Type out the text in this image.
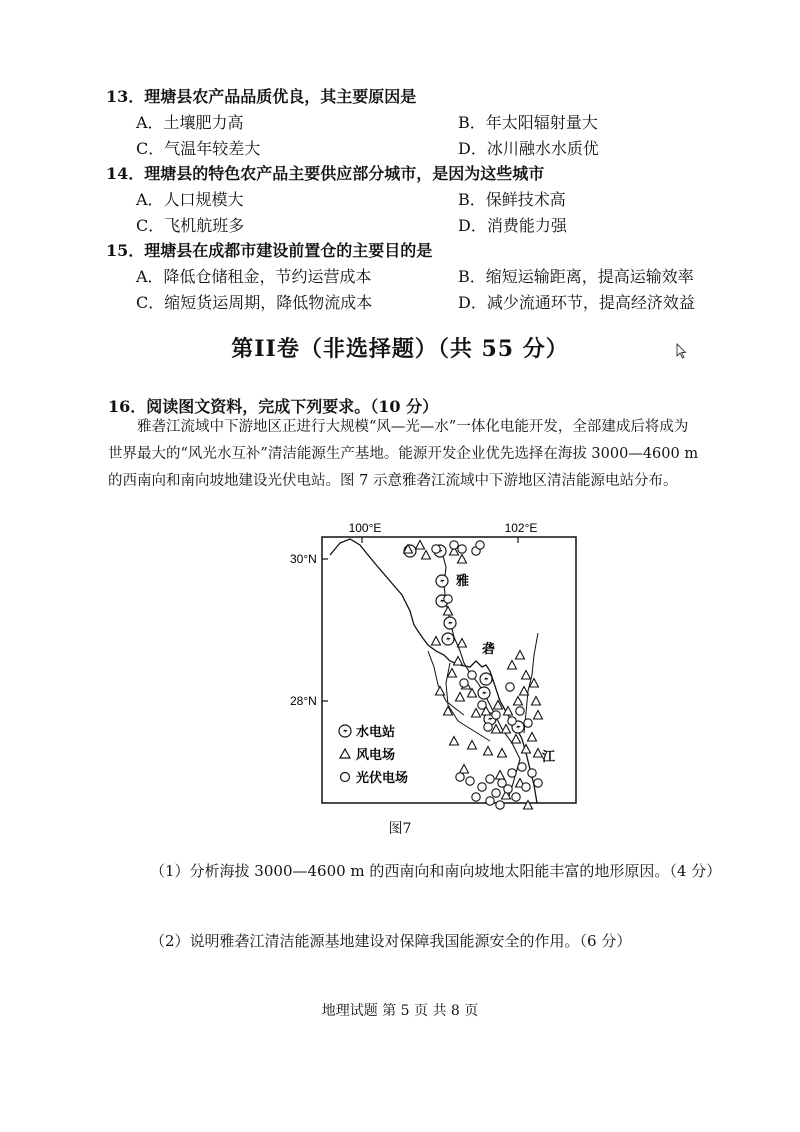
13．理塘县农产品品质优良，其主要原因是
A．土壤肥力高	B．年太阳辐射量大
C．气温年较差大	D．冰川融水水质优
14．理塘县的特色农产品主要供应部分城市，是因为这些城市
A．人口规模大	B．保鲜技术高
C．飞机航班多	D．消费能力强
15．理塘县在成都市建设前置仓的主要目的是
A．降低仓储租金，节约运营成本	B．缩短运输距离，提高运输效率
C．缩短货运周期，降低物流成本	D．减少流通环节，提高经济效益
第II卷（非选择题）（共 55 分）
16．阅读图文资料，完成下列要求。（10 分）
雅砻江流域中下游地区正进行大规模“风—光—水”一体化电能开发，全部建成后将成为
世界最大的“风光水互补”清洁能源生产基地。能源开发企业优先选择在海拔 3000—4600 m
的西南向和南向坡地建设光伏电站。图 7 示意雅砻江流域中下游地区清洁能源电站分布。
100°E	102°E
30°N
28°N
雅
砻
江
水电站
风电场
光伏电场
图7
（1）分析海拔 3000—4600 m 的西南向和南向坡地太阳能丰富的地形原因。（4 分）
（2）说明雅砻江清洁能源基地建设对保障我国能源安全的作用。（6 分）
地理试题 第 5 页 共 8 页
